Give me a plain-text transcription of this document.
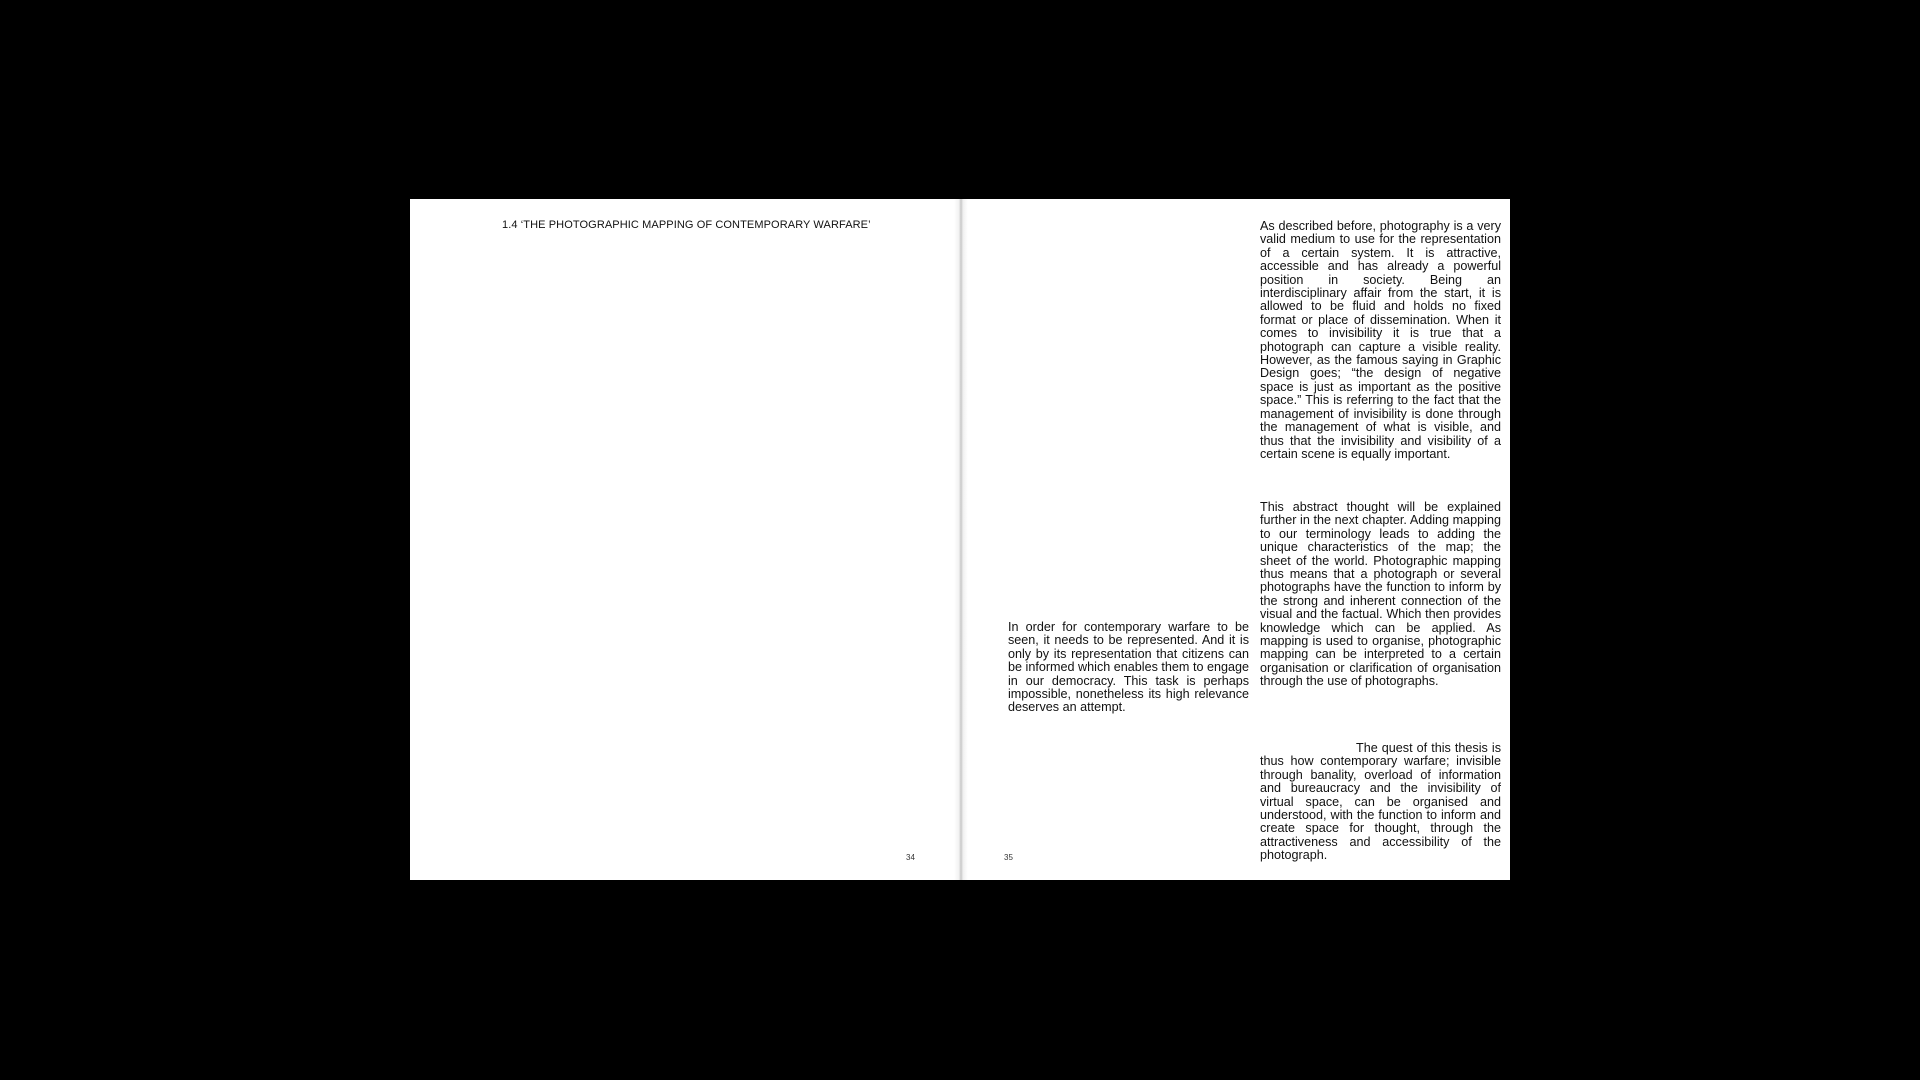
1.4 ‘THE PHOTOGRAPHIC MAPPING OF CONTEMPORARY WARFARE’
34

As described before, photography is a very valid medium to use for the representation of a certain system. It is attractive, accessible and has already a powerful position in society. Being an interdisciplinary affair from the start, it is allowed to be fluid and holds no fixed format or place of dissemination. When it comes to invisibility it is true that a photograph can capture a visible reality. However, as the famous saying in Graphic Design goes; “the design of negative space is just as important as the positive space.” This is referring to the fact that the management of invisibility is done through the management of what is visible, and thus that the invisibility and visibility of a certain scene is equally important.

This abstract thought will be explained further in the next chapter. Adding mapping to our terminology leads to adding the unique characteristics of the map; the sheet of the world. Photographic mapping thus means that a photograph or several photographs have the function to inform by the strong and inherent connection of the visual and the factual. Which then provides knowledge which can be applied. As mapping is used to organise, photographic mapping can be interpreted to a certain organisation or clarification of organisation through the use of photographs.

The quest of this thesis is thus how contemporary warfare; invisible through banality, overload of information and bureaucracy and the invisibility of virtual space, can be organised and understood, with the function to inform and create space for thought, through the attractiveness and accessibility of the photograph.

In order for contemporary warfare to be seen, it needs to be represented. And it is only by its representation that citizens can be informed which enables them to engage in our democracy. This task is perhaps impossible, nonetheless its high relevance deserves an attempt.

35
